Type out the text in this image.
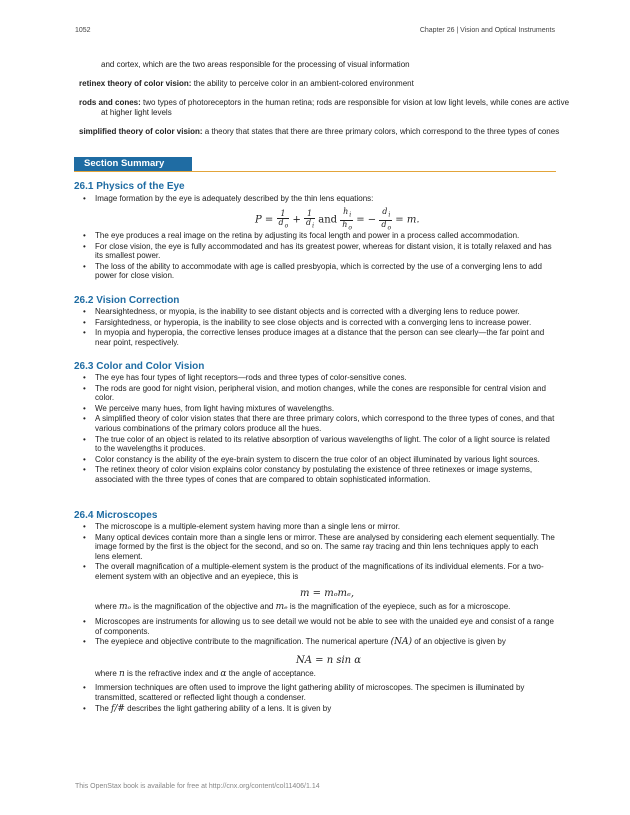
1052	Chapter 26 | Vision and Optical Instruments
and cortex, which are the two areas responsible for the processing of visual information
retinex theory of color vision: the ability to perceive color in an ambient-colored environment
rods and cones: two types of photoreceptors in the human retina; rods are responsible for vision at low light levels, while cones are active at higher light levels
simplified theory of color vision: a theory that states that there are three primary colors, which correspond to the three types of cones
Section Summary
26.1 Physics of the Eye
• Image formation by the eye is adequately described by the thin lens equations:
$P = \frac{1}{d_o} + \frac{1}{d_i}$ and $\frac{h_i}{h_o}$ = − $\frac{d_i}{d_o} = m$.
• The eye produces a real image on the retina by adjusting its focal length and power in a process called accommodation.
• For close vision, the eye is fully accommodated and has its greatest power, whereas for distant vision, it is totally relaxed and has its smallest power.
• The loss of the ability to accommodate with age is called presbyopia, which is corrected by the use of a converging lens to add power for close vision.
26.2 Vision Correction
• Nearsightedness, or myopia, is the inability to see distant objects and is corrected with a diverging lens to reduce power.
• Farsightedness, or hyperopia, is the inability to see close objects and is corrected with a converging lens to increase power.
• In myopia and hyperopia, the corrective lenses produce images at a distance that the person can see clearly—the far point and near point, respectively.
26.3 Color and Color Vision
• The eye has four types of light receptors—rods and three types of color-sensitive cones.
• The rods are good for night vision, peripheral vision, and motion changes, while the cones are responsible for central vision and color.
• We perceive many hues, from light having mixtures of wavelengths.
• A simplified theory of color vision states that there are three primary colors, which correspond to the three types of cones, and that various combinations of the primary colors produce all the hues.
• The true color of an object is related to its relative absorption of various wavelengths of light. The color of a light source is related to the wavelengths it produces.
• Color constancy is the ability of the eye-brain system to discern the true color of an object illuminated by various light sources.
• The retinex theory of color vision explains color constancy by postulating the existence of three retinexes or image systems, associated with the three types of cones that are compared to obtain sophisticated information.
26.4 Microscopes
• The microscope is a multiple-element system having more than a single lens or mirror.
• Many optical devices contain more than a single lens or mirror. These are analysed by considering each element sequentially. The image formed by the first is the object for the second, and so on. The same ray tracing and thin lens techniques apply to each lens element.
• The overall magnification of a multiple-element system is the product of the magnifications of its individual elements. For a two-element system with an objective and an eyepiece, this is
m = mₒmₑ,
where mₒ is the magnification of the objective and mₑ is the magnification of the eyepiece, such as for a microscope.
• Microscopes are instruments for allowing us to see detail we would not be able to see with the unaided eye and consist of a range of components.
• The eyepiece and objective contribute to the magnification. The numerical aperture (NA) of an objective is given by
NA = n sin α
where n is the refractive index and α the angle of acceptance.
• Immersion techniques are often used to improve the light gathering ability of microscopes. The specimen is illuminated by transmitted, scattered or reflected light though a condenser.
• The f/# describes the light gathering ability of a lens. It is given by
This OpenStax book is available for free at http://cnx.org/content/col11406/1.14
